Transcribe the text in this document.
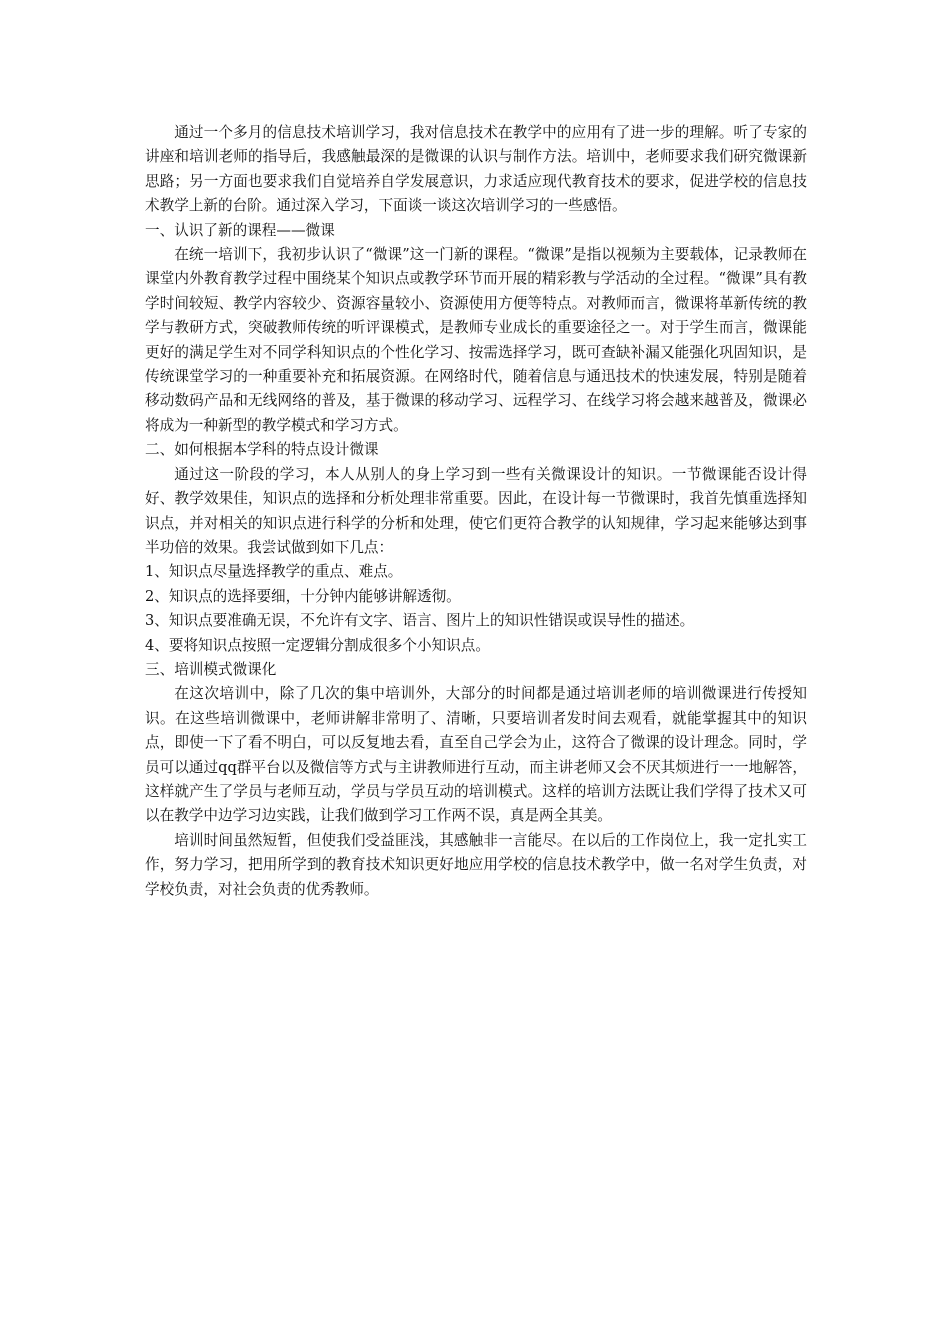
通过一个多月的信息技术培训学习，我对信息技术在教学中的应用有了进一步的理解。听了专家的讲座和培训老师的指导后，我感触最深的是微课的认识与制作方法。培训中，老师要求我们研究微课新思路；另一方面也要求我们自觉培养自学发展意识，力求适应现代教育技术的要求，促进学校的信息技术教学上新的台阶。通过深入学习，下面谈一谈这次培训学习的一些感悟。

一、认识了新的课程——微课

在统一培训下，我初步认识了“微课”这一门新的课程。“微课”是指以视频为主要载体，记录教师在课堂内外教育教学过程中围绕某个知识点或教学环节而开展的精彩教与学活动的全过程。“微课”具有教学时间较短、教学内容较少、资源容量较小、资源使用方便等特点。对教师而言，微课将革新传统的教学与教研方式，突破教师传统的听评课模式，是教师专业成长的重要途径之一。对于学生而言，微课能更好的满足学生对不同学科知识点的个性化学习、按需选择学习，既可查缺补漏又能强化巩固知识，是传统课堂学习的一种重要补充和拓展资源。在网络时代，随着信息与通迅技术的快速发展，特别是随着移动数码产品和无线网络的普及，基于微课的移动学习、远程学习、在线学习将会越来越普及，微课必将成为一种新型的教学模式和学习方式。

二、如何根据本学科的特点设计微课

通过这一阶段的学习，本人从别人的身上学习到一些有关微课设计的知识。一节微课能否设计得好、教学效果佳，知识点的选择和分析处理非常重要。因此，在设计每一节微课时，我首先慎重选择知识点，并对相关的知识点进行科学的分析和处理，使它们更符合教学的认知规律，学习起来能够达到事半功倍的效果。我尝试做到如下几点：

1、知识点尽量选择教学的重点、难点。

2、知识点的选择要细，十分钟内能够讲解透彻。

3、知识点要准确无误，不允许有文字、语言、图片上的知识性错误或误导性的描述。

4、要将知识点按照一定逻辑分割成很多个小知识点。

三、培训模式微课化

在这次培训中，除了几次的集中培训外，大部分的时间都是通过培训老师的培训微课进行传授知识。在这些培训微课中，老师讲解非常明了、清晰，只要培训者发时间去观看，就能掌握其中的知识点，即使一下了看不明白，可以反复地去看，直至自己学会为止，这符合了微课的设计理念。同时，学员可以通过qq群平台以及微信等方式与主讲教师进行互动，而主讲老师又会不厌其烦进行一一地解答，这样就产生了学员与老师互动，学员与学员互动的培训模式。这样的培训方法既让我们学得了技术又可以在教学中边学习边实践，让我们做到学习工作两不误，真是两全其美。

培训时间虽然短暂，但使我们受益匪浅，其感触非一言能尽。在以后的工作岗位上，我一定扎实工作，努力学习，把用所学到的教育技术知识更好地应用学校的信息技术教学中，做一名对学生负责，对学校负责，对社会负责的优秀教师。
